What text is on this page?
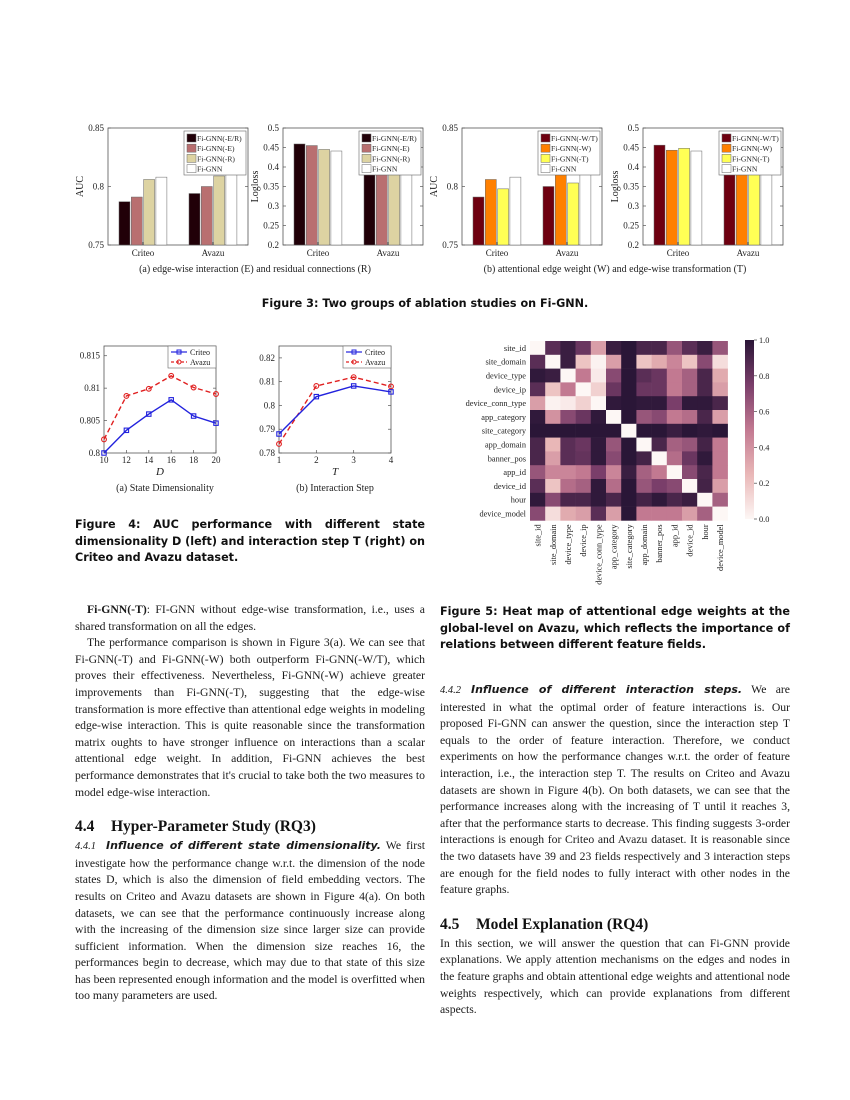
0.75
0.8
0.85
AUC
Criteo	Avazu
Fi-GNN(-E/R)
Fi-GNN(-E)
Fi-GNN(-R)
Fi-GNN
0.2
0.25
0.3
0.35
0.4
0.45
0.5
Logloss
Criteo	Avazu
Fi-GNN(-E/R)
Fi-GNN(-E)
Fi-GNN(-R)
Fi-GNN
0.75
0.8
0.85
AUC
Criteo	Avazu
Fi-GNN(-W/T)
Fi-GNN(-W)
Fi-GNN(-T)
Fi-GNN
0.2
0.25
0.3
0.35
0.4
0.45
0.5
Logloss
Criteo	Avazu
Fi-GNN(-W/T)
Fi-GNN(-W)
Fi-GNN(-T)
Fi-GNN
(a) edge-wise interaction (E) and residual connections (R)	(b) attentional edge weight (W) and edge-wise transformation (T)
Figure 3: Two groups of ablation studies on Fi-GNN.
0.8
0.805
0.81
0.815
10 12 14 16 18 20
D
Criteo
Avazu
0.78
0.79
0.8
0.81
0.82
1	2	3	4
T
Criteo
Avazu
(a) State Dimensionality	(b) Interaction Step
Figure 4: AUC performance with different state dimensionality D (left) and interaction step T (right) on Criteo and Avazu dataset.
site_id
site_id
site_domain
site_domain
device_type
device_type
device_ip
device_ip
device_conn_type
device_conn_type
app_category
app_category
site_category
site_category
app_domain
app_domain
banner_pos
banner_pos
app_id
app_id
device_id
device_id
hour
hour
device_model
device_model
0.0
0.2
0.4
0.6
0.8
1.0
Figure 5: Heat map of attentional edge weights at the global-level on Avazu, which reflects the importance of relations between different feature fields.

Fi-GNN(-T): FI-GNN without edge-wise transformation, i.e., uses a shared transformation on all the edges.

The performance comparison is shown in Figure 3(a). We can see that Fi-GNN(-T) and Fi-GNN(-W) both outperform Fi-GNN(-W/T), which proves their effectiveness. Nevertheless, Fi-GNN(-W) achieve greater improvements than Fi-GNN(-T), suggesting that the edge-wise transformation is more effective than attentional edge weights in modeling edge-wise interaction. This is quite reasonable since the transformation matrix oughts to have stronger influence on interactions than a scalar attentional edge weight. In addition, Fi-GNN achieves the best performance demonstrates that it's crucial to take both the two measures to model edge-wise interaction.

4.4 Hyper-Parameter Study (RQ3)

4.4.1 Influence of different state dimensionality. We first investigate how the performance change w.r.t. the dimension of the node states D, which is also the dimension of field embedding vectors. The results on Criteo and Avazu datasets are shown in Figure 4(a). On both datasets, we can see that the performance continuously increase along with the increasing of the dimension size since larger size can provide sufficient information. When the dimension size reaches 16, the performances begin to decrease, which may due to that state of this size has been represented enough information and the model is overfitted when too many parameters are used.

4.4.2 Influence of different interaction steps. We are interested in what the optimal order of feature interactions is. Our proposed Fi-GNN can answer the question, since the interaction step T equals to the order of feature interaction. Therefore, we conduct experiments on how the performance changes w.r.t. the order of feature interaction, i.e., the interaction step T. The results on Criteo and Avazu datasets are shown in Figure 4(b). On both datasets, we can see that the performance increases along with the increasing of T until it reaches 3, after that the performance starts to decrease. This finding suggests 3-order interactions is enough for Criteo and Avazu dataset. It is reasonable since the two datasets have 39 and 23 fields respectively and 3 interaction steps are enough for the field nodes to fully interact with other nodes in the feature graphs.

4.5 Model Explanation (RQ4)

In this section, we will answer the question that can Fi-GNN provide explanations. We apply attention mechanisms on the edges and nodes in the feature graphs and obtain attentional edge weights and attentional node weights respectively, which can provide explanations from different aspects.
